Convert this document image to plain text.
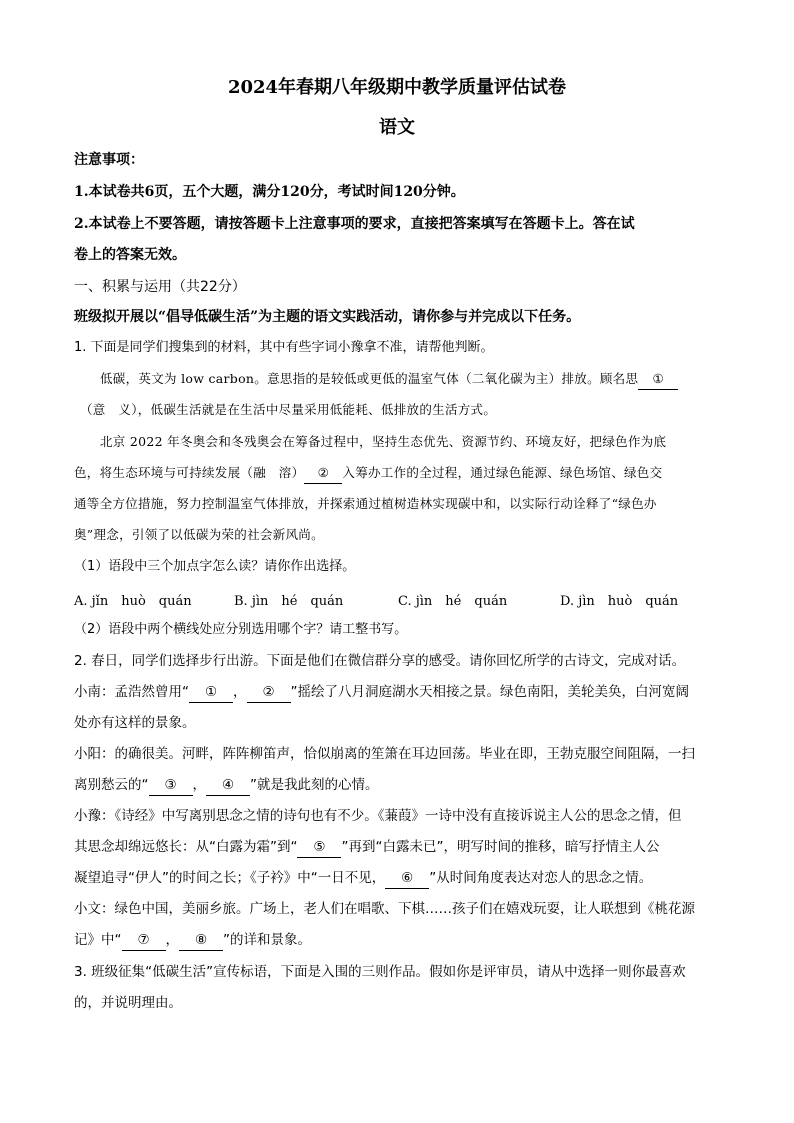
2024年春期八年级期中教学质量评估试卷
语文
注意事项：
1.本试卷共6页，五个大题，满分120分，考试时间120分钟。
2.本试卷上不要答题，请按答题卡上注意事项的要求，直接把答案填写在答题卡上。答在试
卷上的答案无效。
一、积累与运用（共22分）
班级拟开展以“倡导低碳生活”为主题的语文实践活动，请你参与并完成以下任务。
1. 下面是同学们搜集到的材料，其中有些字词小豫拿不准，请帮他判断。
低碳，英文为 low carbon。意思指的是较低或更低的温室气体（二氧化碳为主）排放。顾名思 ①
（意　义），低碳生活就是在生活中尽量采用低能耗、低排放的生活方式。
北京 2022 年冬奥会和冬残奥会在筹备过程中，坚持生态优先、资源节约、环境友好，把绿色作为底
色，将生态环境与可持续发展（融　溶） ② 入筹办工作的全过程，通过绿色能源、绿色场馆、绿色交
通等全方位措施，努力控制温室气体排放，并探索通过植树造林实现碳中和，以实际行动诠释了“绿色办
奥”理念，引领了以低碳为荣的社会新风尚。
（1）语段中三个加点字怎么读？请你作出选择。
A. jǐn　huò　quán	B. jìn　hé　quán	C. jìn　hé　quán	D. jìn　huò　quán
（2）语段中两个横线处应分别选用哪个字？请工整书写。
2. 春日，同学们选择步行出游。下面是他们在微信群分享的感受。请你回忆所学的古诗文，完成对话。
小南：孟浩然曾用“ ① ， ② ”摇绘了八月洞庭湖水天相接之景。绿色南阳，美轮美奂，白河宽阔
处亦有这样的景象。
小阳：的确很美。河畔，阵阵柳笛声，恰似崩离的笙箫在耳边回荡。毕业在即，王勃克服空间阻隔，一扫
离别愁云的“ ③ ， ④ ”就是我此刻的心情。
小豫：《诗经》中写离别思念之情的诗句也有不少。《蒹葭》一诗中没有直接诉说主人公的思念之情，但
其思念却绵远悠长：从“白露为霜”到“ ⑤ ”再到“白露未已”，明写时间的推移，暗写抒情主人公
凝望追寻“伊人”的时间之长；《子衿》中“一日不见， ⑥ ”从时间角度表达对恋人的思念之情。
小文：绿色中国，美丽乡旅。广场上，老人们在唱歌、下棋……孩子们在嬉戏玩耍，让人联想到《桃花源
记》中“ ⑦ ， ⑧ ”的详和景象。
3. 班级征集“低碳生活”宣传标语，下面是入围的三则作品。假如你是评审员，请从中选择一则你最喜欢
的，并说明理由。
